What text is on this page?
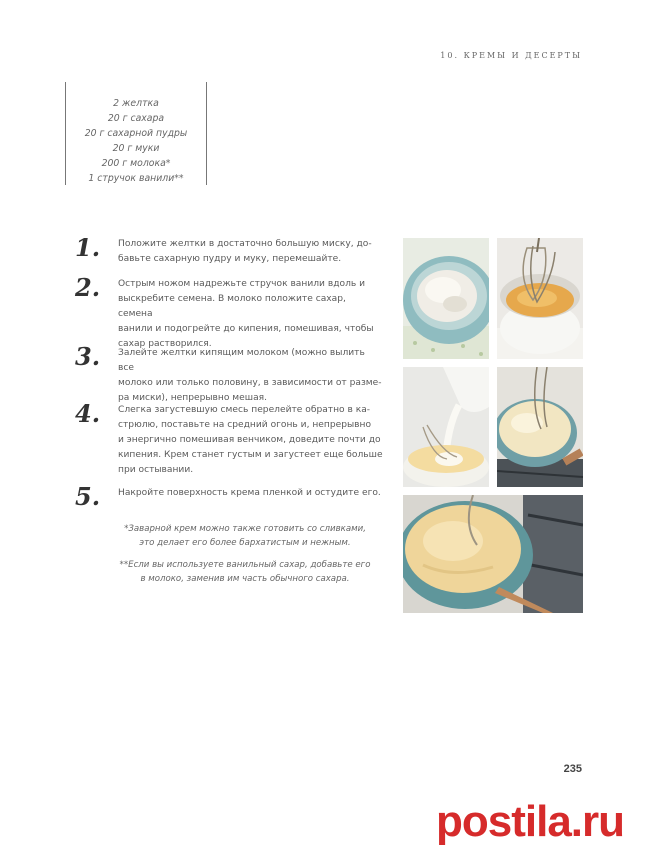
10. КРЕМЫ И ДЕСЕРТЫ
2 желтка
20 г сахара
20 г сахарной пудры
20 г муки
200 г молока*
1 стручок ванили**
1. Положите желтки в достаточно большую миску, до-
бавьте сахарную пудру и муку, перемешайте.
2. Острым ножом надрежьте стручок ванили вдоль и
выскребите семена. В молоко положите сахар, семена
ванили и подогрейте до кипения, помешивая, чтобы
сахар растворился.
3. Залейте желтки кипящим молоком (можно вылить все
молоко или только половину, в зависимости от разме-
ра миски), непрерывно мешая.
4. Слегка загустевшую смесь перелейте обратно в ка-
стрюлю, поставьте на средний огонь и, непрерывно
и энергично помешивая венчиком, доведите почти до
кипения. Крем станет густым и загустеет еще больше
при остывании.
5. Накройте поверхность крема пленкой и остудите его.

*Заварной крем можно также готовить со сливками,
это делает его более бархатистым и нежным.

**Если вы используете ванильный сахар, добавьте его
в молоко, заменив им часть обычного сахара.

235
postila.ru
